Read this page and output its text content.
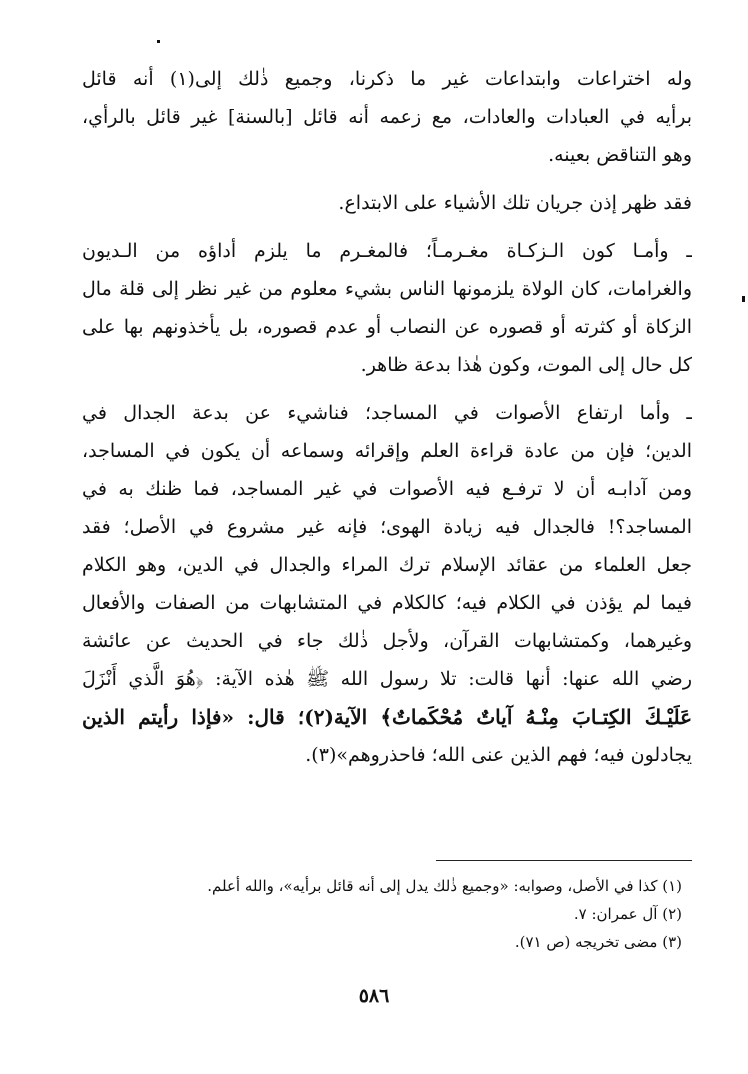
وله اختراعات وابتداعات غير ما ذكرنا، وجميع ذٰلك إلى(١) أنه قائل
برأيه في العبادات والعادات، مع زعمه أنه قائل [بالسنة] غير قائل بالرأي،
وهو التناقض بعينه.
فقد ظهر إذن جريان تلك الأشياء على الابتداع.
ـ وأمـا كون الـزكـاة مغـرمـاً؛ فالمغـرم ما يلزم أداؤه من الـديون
والغرامات، كان الولاة يلزمونها الناس بشيء معلوم من غير نظر إلى قلة مال
الزكاة أو كثرته أو قصوره عن النصاب أو عدم قصوره، بل يأخذونهم بها على
كل حال إلى الموت، وكون هٰذا بدعة ظاهر.
ـ وأما ارتفاع الأصوات في المساجد؛ فناشيء عن بدعة الجدال في
الدين؛ فإن من عادة قراءة العلم وإقرائه وسماعه أن يكون في المساجد،
ومن آدابـه أن لا ترفـع فيه الأصوات في غير المساجد، فما ظنك به في
المساجد؟! فالجدال فيه زيادة الهوى؛ فإنه غير مشروع في الأصل؛ فقد
جعل العلماء من عقائد الإسلام ترك المراء والجدال في الدين، وهو الكلام
فيما لم يؤذن في الكلام فيه؛ كالكلام في المتشابهات من الصفات والأفعال
وغيرهما، وكمتشابهات القرآن، ولأجل ذٰلك جاء في الحديث عن عائشة
رضي الله عنها: أنها قالت: تلا رسول الله ﷺ هٰذه الآية: ﴿هُوَ الَّذي أَنْزَلَ
عَلَيْـكَ الكِتـابَ مِنْـهُ آياتٌ مُحْكَماتٌ﴾ الآية(٢)؛ قال: «فإذا رأيتم الذين
يجادلون فيه؛ فهم الذين عنى الله؛ فاحذروهم»(٣).
(١) كذا في الأصل، وصوابه: «وجميع ذٰلك يدل إلى أنه قائل برأيه»، والله أعلم.
(٢) آل عمران: ٧.
(٣) مضى تخريجه (ص ٧١).
٥٨٦
